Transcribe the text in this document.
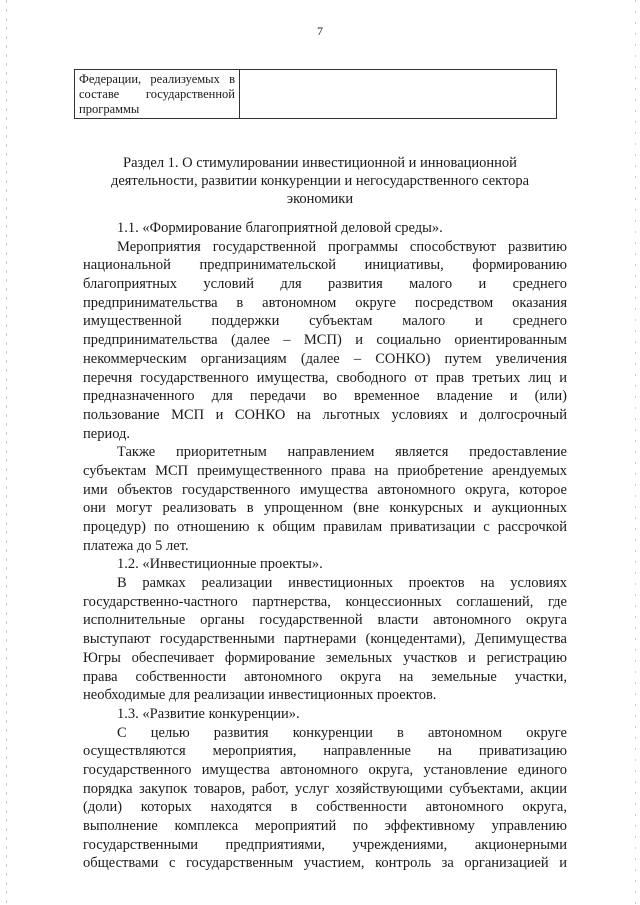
7
Федерации, реализуемых в
составе государственной
программы

Раздел 1. О стимулировании инвестиционной и инновационной
деятельности, развитии конкуренции и негосударственного сектора
экономики
1.1. «Формирование благоприятной деловой среды».
Мероприятия государственной программы способствуют развитию
национальной предпринимательской инициативы, формированию
благоприятных условий для развития малого и среднего
предпринимательства в автономном округе посредством оказания
имущественной поддержки субъектам малого и среднего
предпринимательства (далее – МСП) и социально ориентированным
некоммерческим организациям (далее – СОНКО) путем увеличения
перечня государственного имущества, свободного от прав третьих лиц и
предназначенного для передачи во временное владение и (или)
пользование МСП и СОНКО на льготных условиях и долгосрочный
период.
Также приоритетным направлением является предоставление
субъектам МСП преимущественного права на приобретение арендуемых
ими объектов государственного имущества автономного округа, которое
они могут реализовать в упрощенном (вне конкурсных и аукционных
процедур) по отношению к общим правилам приватизации с рассрочкой
платежа до 5 лет.
1.2. «Инвестиционные проекты».
В рамках реализации инвестиционных проектов на условиях
государственно-частного партнерства, концессионных соглашений, где
исполнительные органы государственной власти автономного округа
выступают государственными партнерами (концедентами), Депимущества
Югры обеспечивает формирование земельных участков и регистрацию
права собственности автономного округа на земельные участки,
необходимые для реализации инвестиционных проектов.
1.3. «Развитие конкуренции».
С целью развития конкуренции в автономном округе
осуществляются мероприятия, направленные на приватизацию
государственного имущества автономного округа, установление единого
порядка закупок товаров, работ, услуг хозяйствующими субъектами, акции
(доли) которых находятся в собственности автономного округа,
выполнение комплекса мероприятий по эффективному управлению
государственными предприятиями, учреждениями, акционерными
обществами с государственным участием, контроль за организацией и
